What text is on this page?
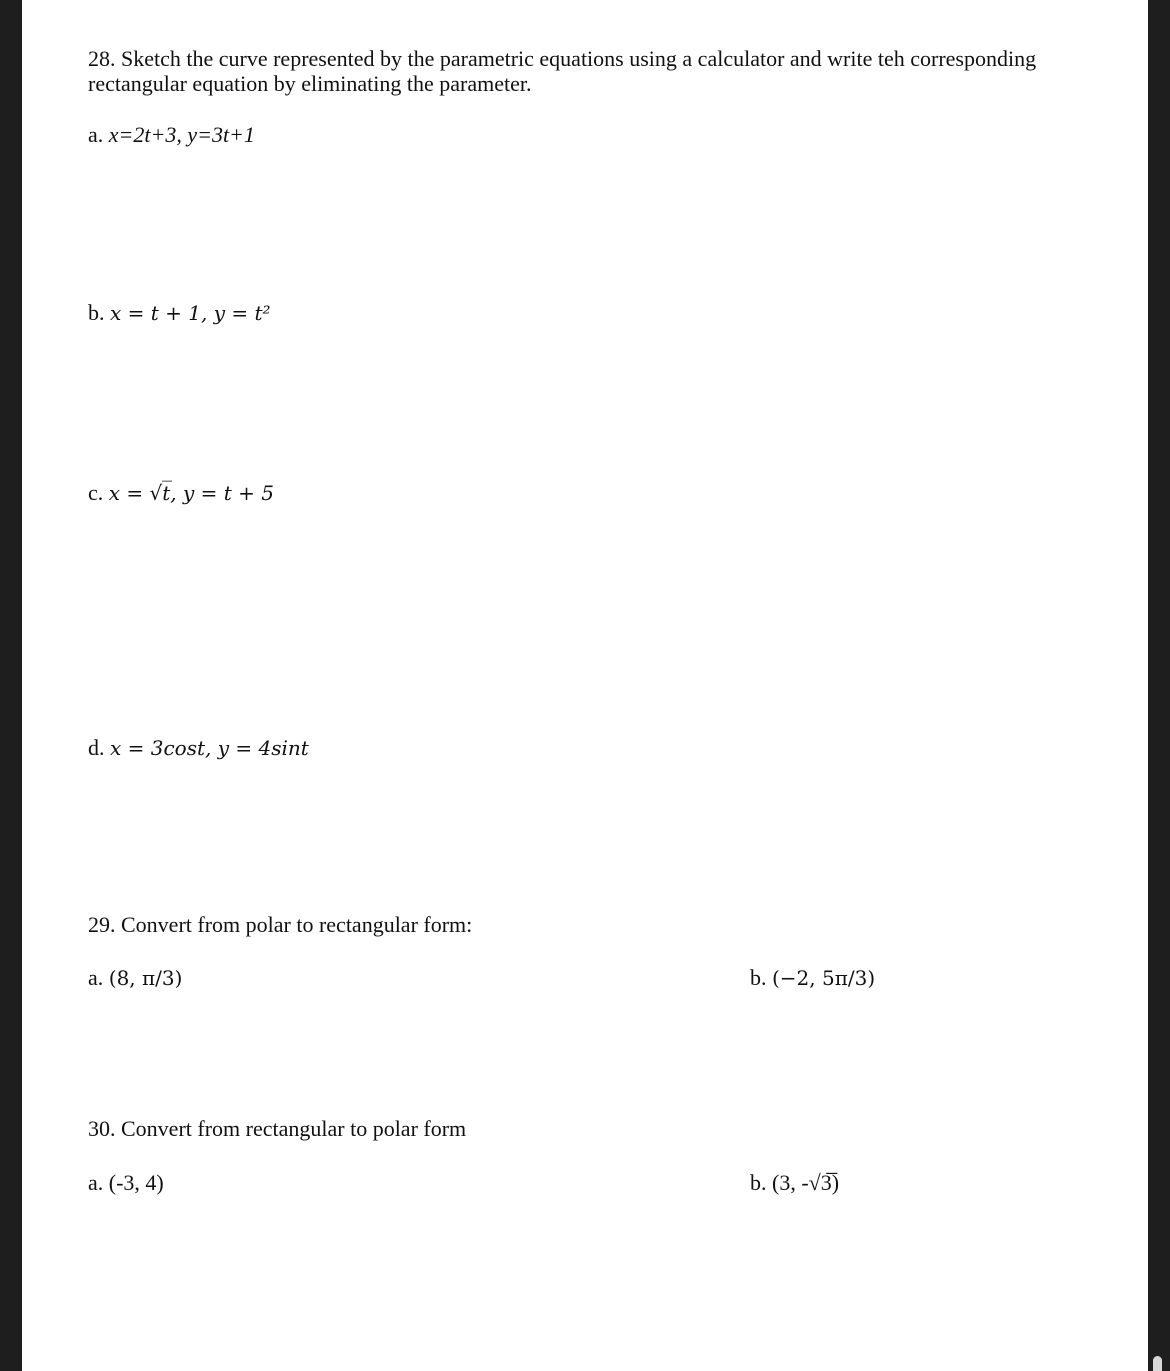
28. Sketch the curve represented by the parametric equations using a calculator and write teh corresponding
rectangular equation by eliminating the parameter.
a. x=2t+3, y=3t+1
b. x = t + 1, y = t²
c. x = √t̅, y = t + 5
d. x = 3cost, y = 4sint
29. Convert from polar to rectangular form:
a. (8, π/3)	b. (−2, 5π/3)
30. Convert from rectangular to polar form
a. (-3, 4)	b. (3, -√3̅)
